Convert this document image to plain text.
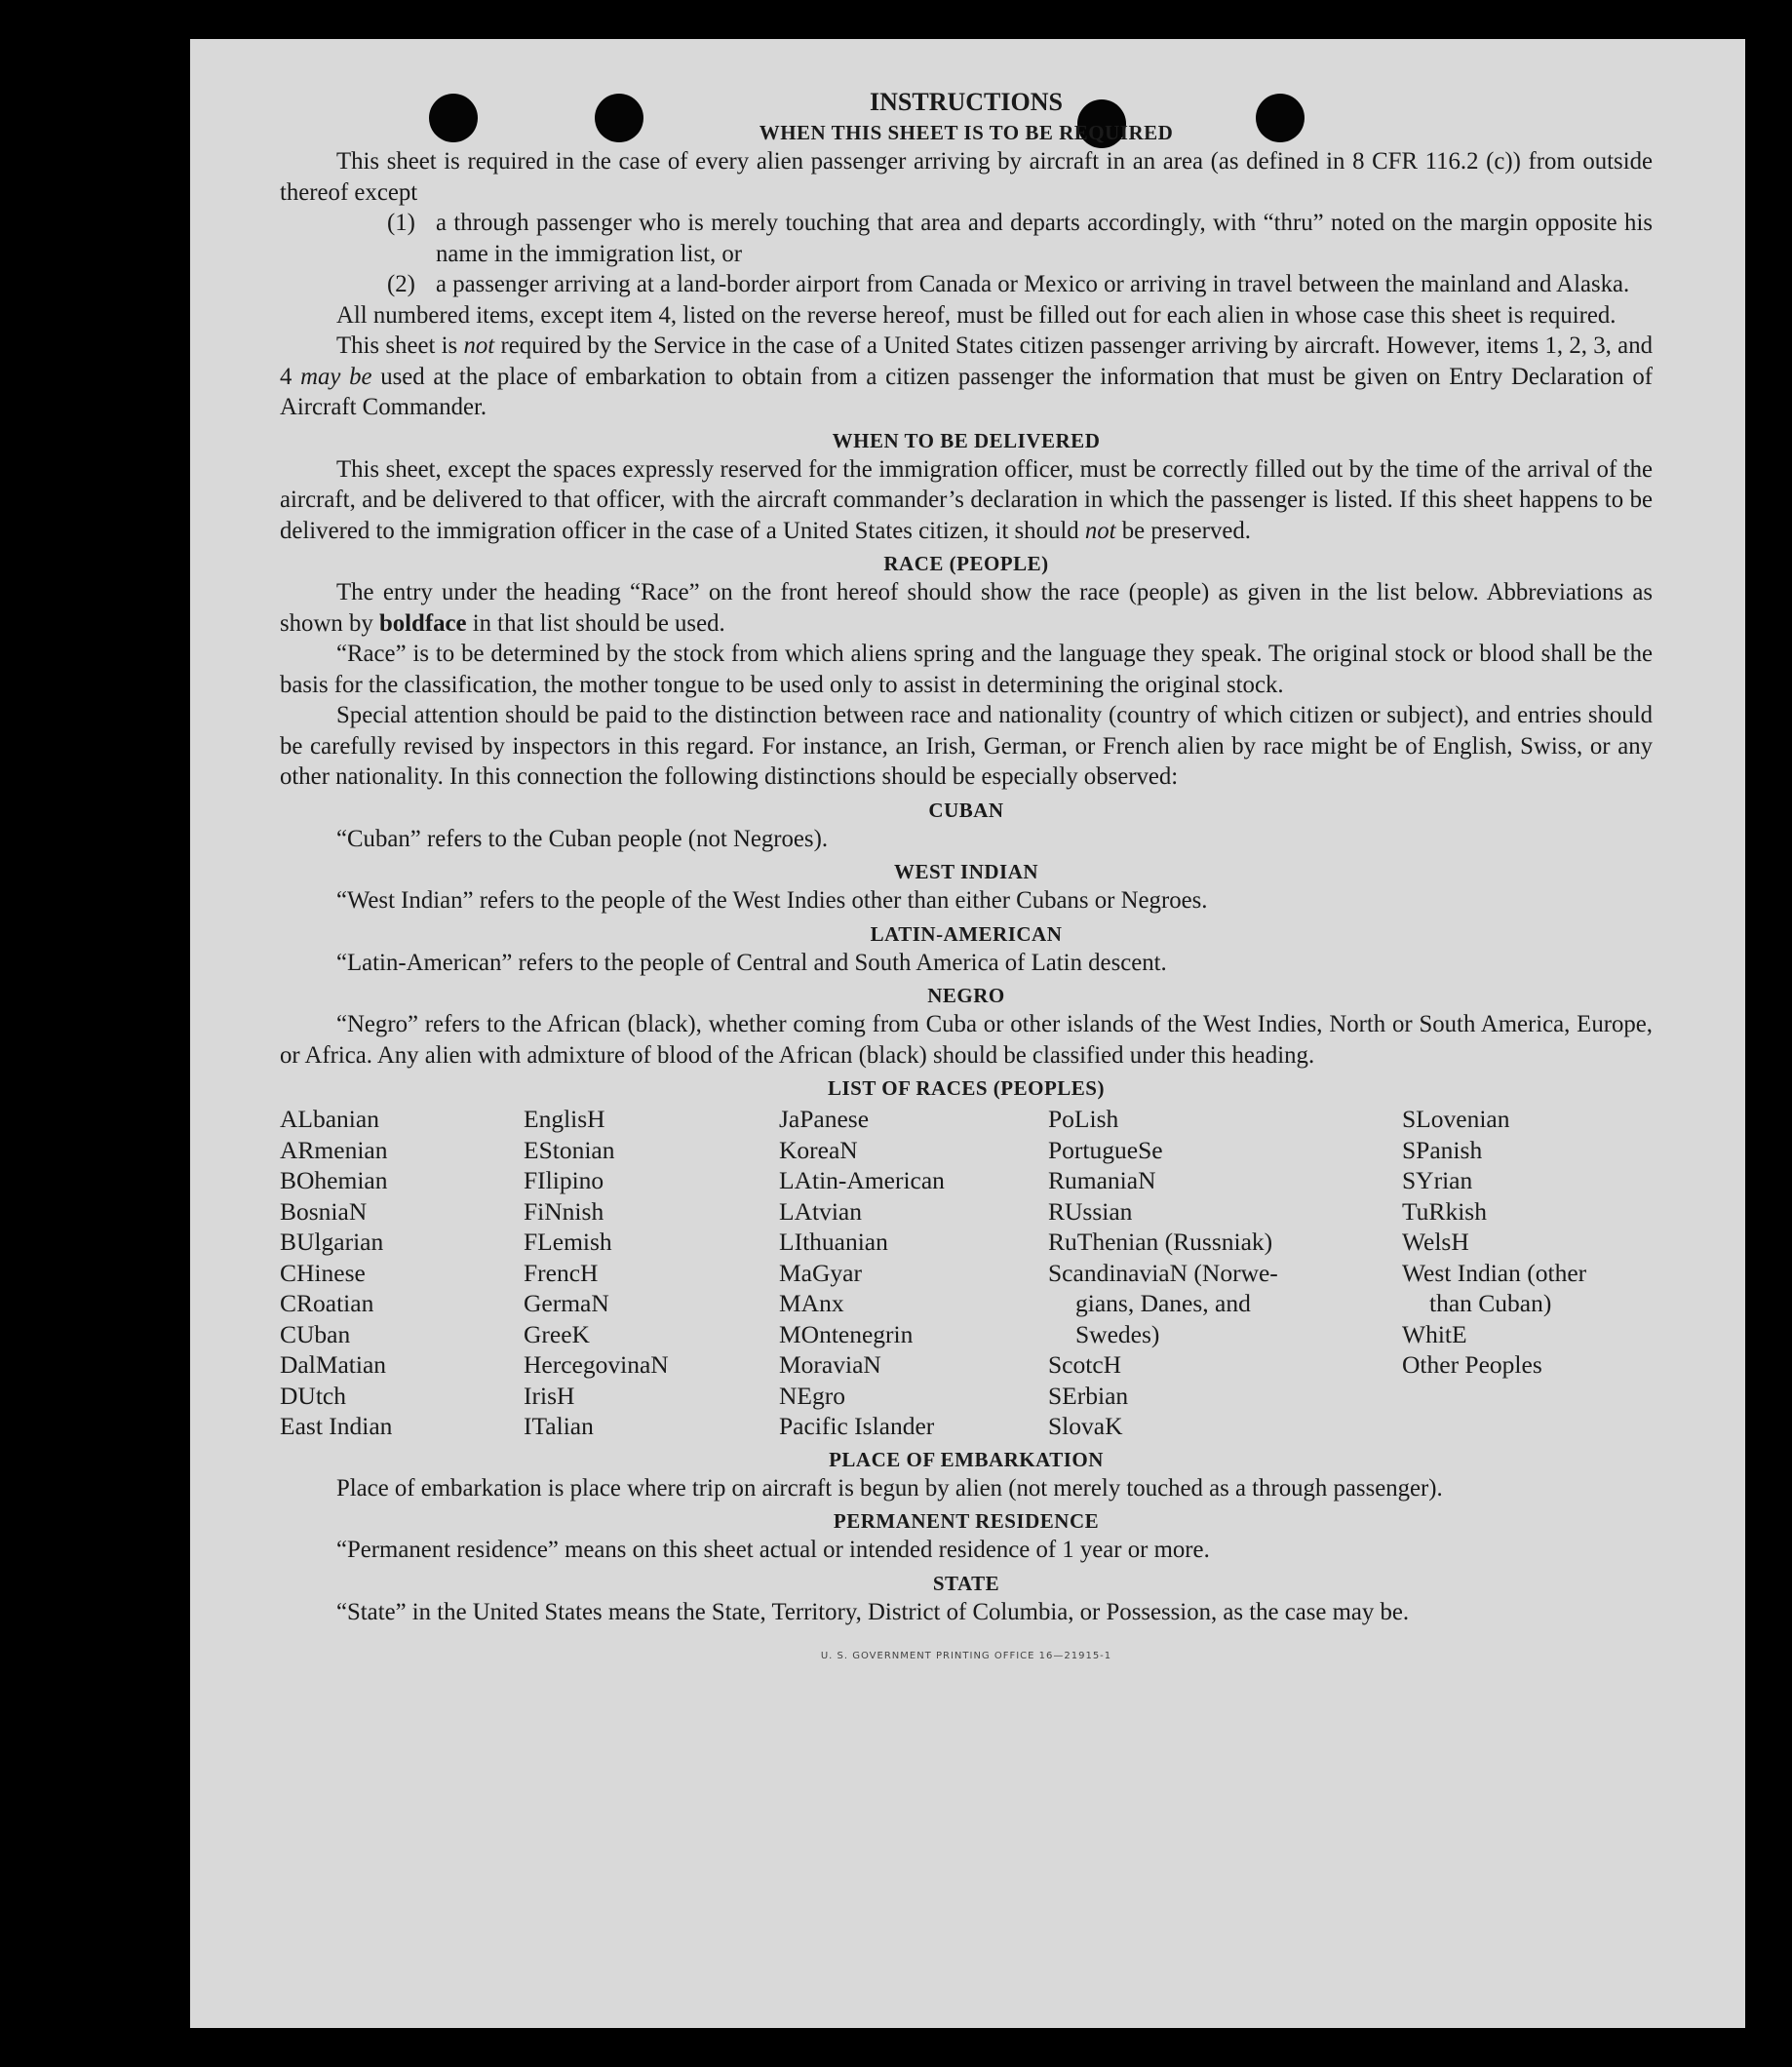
INSTRUCTIONS
WHEN THIS SHEET IS TO BE REQUIRED

This sheet is required in the case of every alien passenger arriving by aircraft in an area (as defined in 8 CFR 116.2 (c)) from outside thereof except

(1) a through passenger who is merely touching that area and departs accordingly, with “thru” noted on the margin opposite his name in the immigration list, or
(2) a passenger arriving at a land-border airport from Canada or Mexico or arriving in travel between the mainland and Alaska.

All numbered items, except item 4, listed on the reverse hereof, must be filled out for each alien in whose case this sheet is required.

This sheet is not required by the Service in the case of a United States citizen passenger arriving by aircraft. However, items 1, 2, 3, and 4 may be used at the place of embarkation to obtain from a citizen passenger the information that must be given on Entry Declaration of Aircraft Commander.

WHEN TO BE DELIVERED

This sheet, except the spaces expressly reserved for the immigration officer, must be correctly filled out by the time of the arrival of the aircraft, and be delivered to that officer, with the aircraft commander’s declaration in which the passenger is listed. If this sheet happens to be delivered to the immigration officer in the case of a United States citizen, it should not be preserved.

RACE (PEOPLE)

The entry under the heading “Race” on the front hereof should show the race (people) as given in the list below. Abbreviations as shown by boldface in that list should be used.

“Race” is to be determined by the stock from which aliens spring and the language they speak. The original stock or blood shall be the basis for the classification, the mother tongue to be used only to assist in determining the original stock.

Special attention should be paid to the distinction between race and nationality (country of which citizen or subject), and entries should be carefully revised by inspectors in this regard. For instance, an Irish, German, or French alien by race might be of English, Swiss, or any other nationality. In this connection the following distinctions should be especially observed:

CUBAN

“Cuban” refers to the Cuban people (not Negroes).

WEST INDIAN

“West Indian” refers to the people of the West Indies other than either Cubans or Negroes.

LATIN-AMERICAN

“Latin-American” refers to the people of Central and South America of Latin descent.

NEGRO

“Negro” refers to the African (black), whether coming from Cuba or other islands of the West Indies, North or South America, Europe, or Africa. Any alien with admixture of blood of the African (black) should be classified under this heading.

LIST OF RACES (PEOPLES)
ALbanian
ARmenian
BOhemian
BosniaN
BUlgarian
CHinese
CRoatian
CUban
DalMatian
DUtch
East Indian
EnglisH
EStonian
FIlipino
FiNnish
FLemish
FrencH
GermaN
GreeK
HercegovinaN
IrisH
ITalian
JaPanese
KoreaN
LAtin-American
LAtvian
LIthuanian
MaGyar
MAnx
MOntenegrin
MoraviaN
NEgro
Pacific Islander
PoLish
PortugueSe
RumaniaN
RUssian
RuThenian (Russniak)
ScandinaviaN (Norwe-
gians, Danes, and
Swedes)
ScotcH
SErbian
SlovaK
SLovenian
SPanish
SYrian
TuRkish
WelsH
West Indian (other
than Cuban)
WhitE
Other Peoples
PLACE OF EMBARKATION

Place of embarkation is place where trip on aircraft is begun by alien (not merely touched as a through passenger).

PERMANENT RESIDENCE

“Permanent residence” means on this sheet actual or intended residence of 1 year or more.

STATE

“State” in the United States means the State, Territory, District of Columbia, or Possession, as the case may be.

U. S. GOVERNMENT PRINTING OFFICE 16—21915-1
